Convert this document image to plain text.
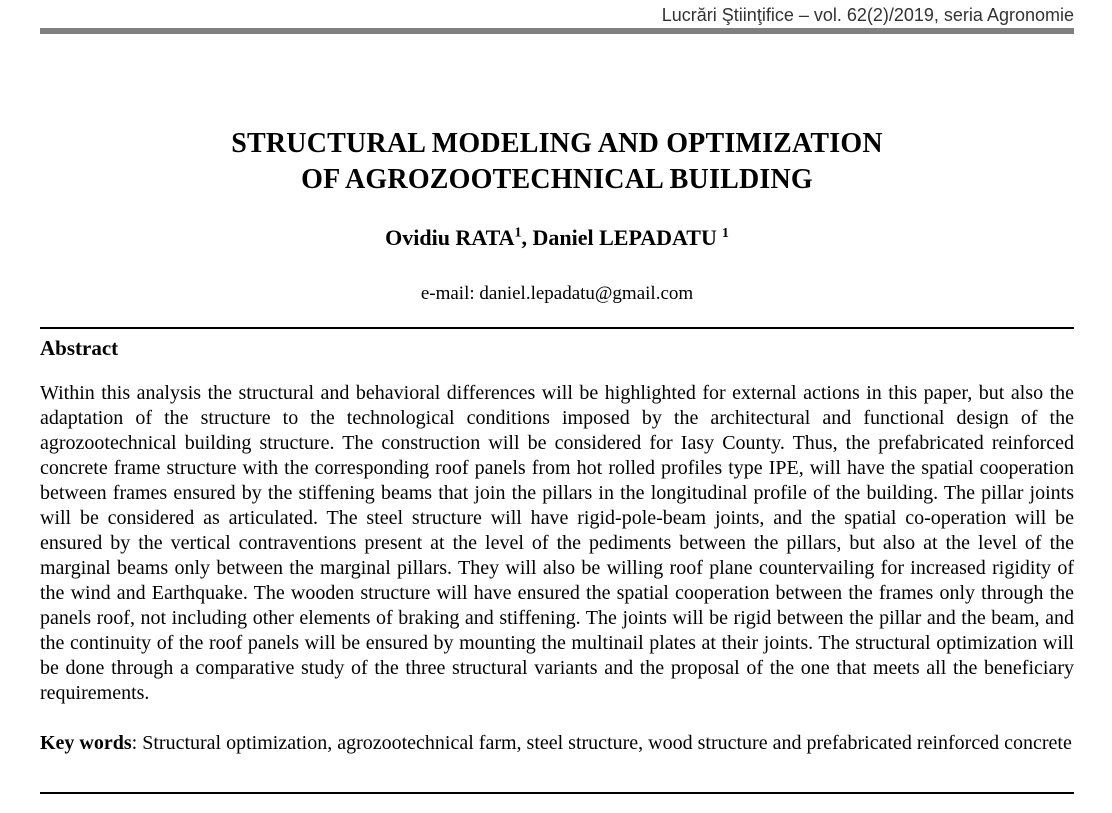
Lucrări Ştiinţifice – vol. 62(2)/2019, seria Agronomie
STRUCTURAL MODELING AND OPTIMIZATION
OF AGROZOOTECHNICAL BUILDING
Ovidiu RATA$^1$, Daniel LEPADATU $^1$
e-mail: daniel.lepadatu@gmail.com
Abstract

Within this analysis the structural and behavioral differences will be highlighted for external actions in this paper, but also the adaptation of the structure to the technological conditions imposed by the architectural and functional design of the agrozootechnical building structure. The construction will be considered for Iasy County. Thus, the prefabricated reinforced concrete frame structure with the corresponding roof panels from hot rolled profiles type IPE, will have the spatial cooperation between frames ensured by the stiffening beams that join the pillars in the longitudinal profile of the building. The pillar joints will be considered as articulated. The steel structure will have rigid-pole-beam joints, and the spatial co-operation will be ensured by the vertical contraventions present at the level of the pediments between the pillars, but also at the level of the marginal beams only between the marginal pillars. They will also be willing roof plane countervailing for increased rigidity of the wind and Earthquake. The wooden structure will have ensured the spatial cooperation between the frames only through the panels roof, not including other elements of braking and stiffening. The joints will be rigid between the pillar and the beam, and the continuity of the roof panels will be ensured by mounting the multinail plates at their joints. The structural optimization will be done through a comparative study of the three structural variants and the proposal of the one that meets all the beneficiary requirements.

Key words: Structural optimization, agrozootechnical farm, steel structure, wood structure and prefabricated reinforced concrete
